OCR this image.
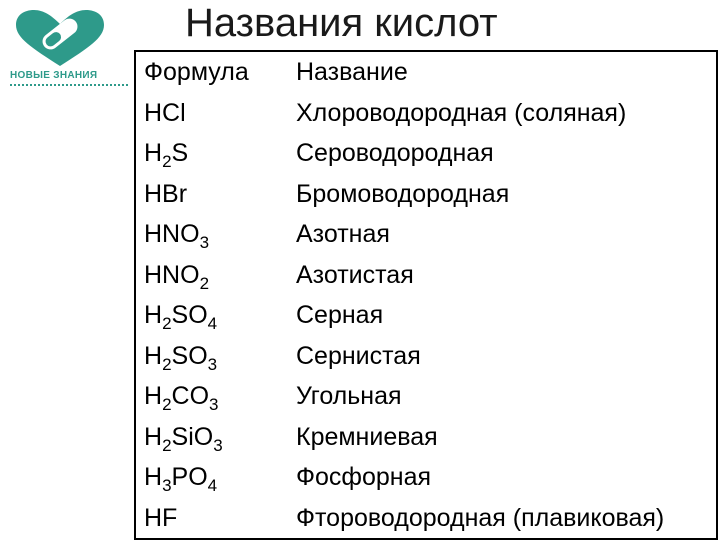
НОВЫЕ ЗНАНИЯ
Названия кислот
Формула	Название
HCl	Хлороводородная (соляная)
$H_2S$	Сероводородная
HBr	Бромоводородная
$HNO_3$	Азотная
$HNO_2$	Азотистая
$H_2SO_4$	Серная
$H_2SO_3$	Сернистая
$H_2CO_3$	Угольная
$H_2SiO_3$	Кремниевая
$H_3PO_4$	Фосфорная
HF	Фтороводородная (плавиковая)
